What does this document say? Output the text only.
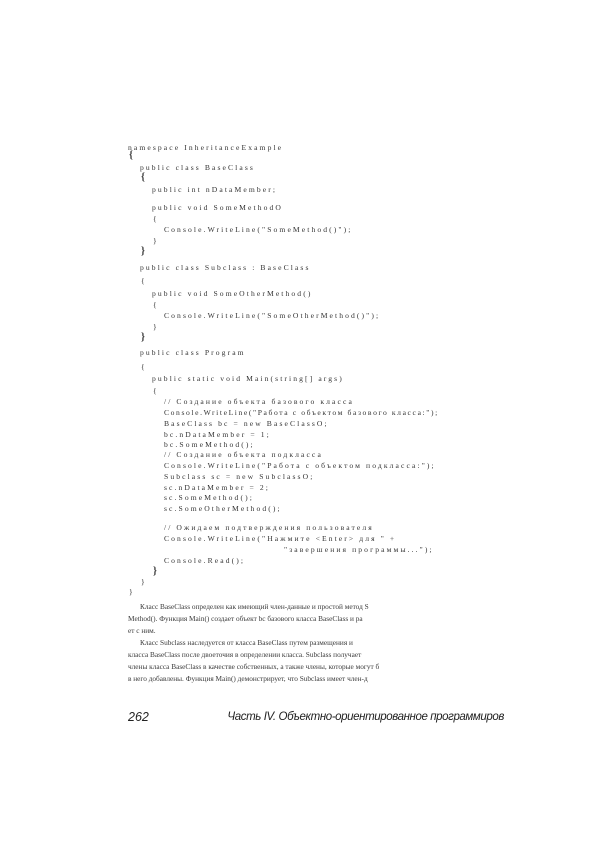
namespace InheritanceExample
{
public class BaseClass
{
public int nDataMember;
public void SomeMethodO
{
Console.WriteLine("SomeMethod()");
}
}
public class Subclass : BaseClass
{
public void SomeOtherMethod()
{
Console.WriteLine("SomeOtherMethod()");
}
}
public class Program
{
public static void Main(string[] args)
{
// Создание объекта базового класса
Console.WriteLine("Работа с объектом базового класса:");
BaseClass bc = new BaseClassO;
bc.nDataMember = 1;
bc.SomeMethod();
// Создание объекта подкласса
Console.WriteLine("Работа с объектом подкласса:");
Subclass sc = new SubclassO;
sc.nDataMember = 2;
sc.SomeMethod();
sc.SomeOtherMethod();
// Ожидаем подтверждения пользователя
Console.WriteLine("Нажмите <Enter> для " +
"завершения программы...");
Console.Read();
}
}
}
Класс BaseClass определен как имеющий член-данные и простой метод S
Method(). Функция Main() создает объект bc базового класса BaseClass и ра
ет с ним.
Класс Subclass наследуется от класса BaseClass путем размещения и
класса BaseClass после двоеточия в определении класса. Subclass получает
члены класса BaseClass в качестве собственных, а также члены, которые могут б
в него добавлены. Функция Main() демонстрирует, что Subclass имеет член-д
262	Часть IV. Объектно-ориентированное программиров
